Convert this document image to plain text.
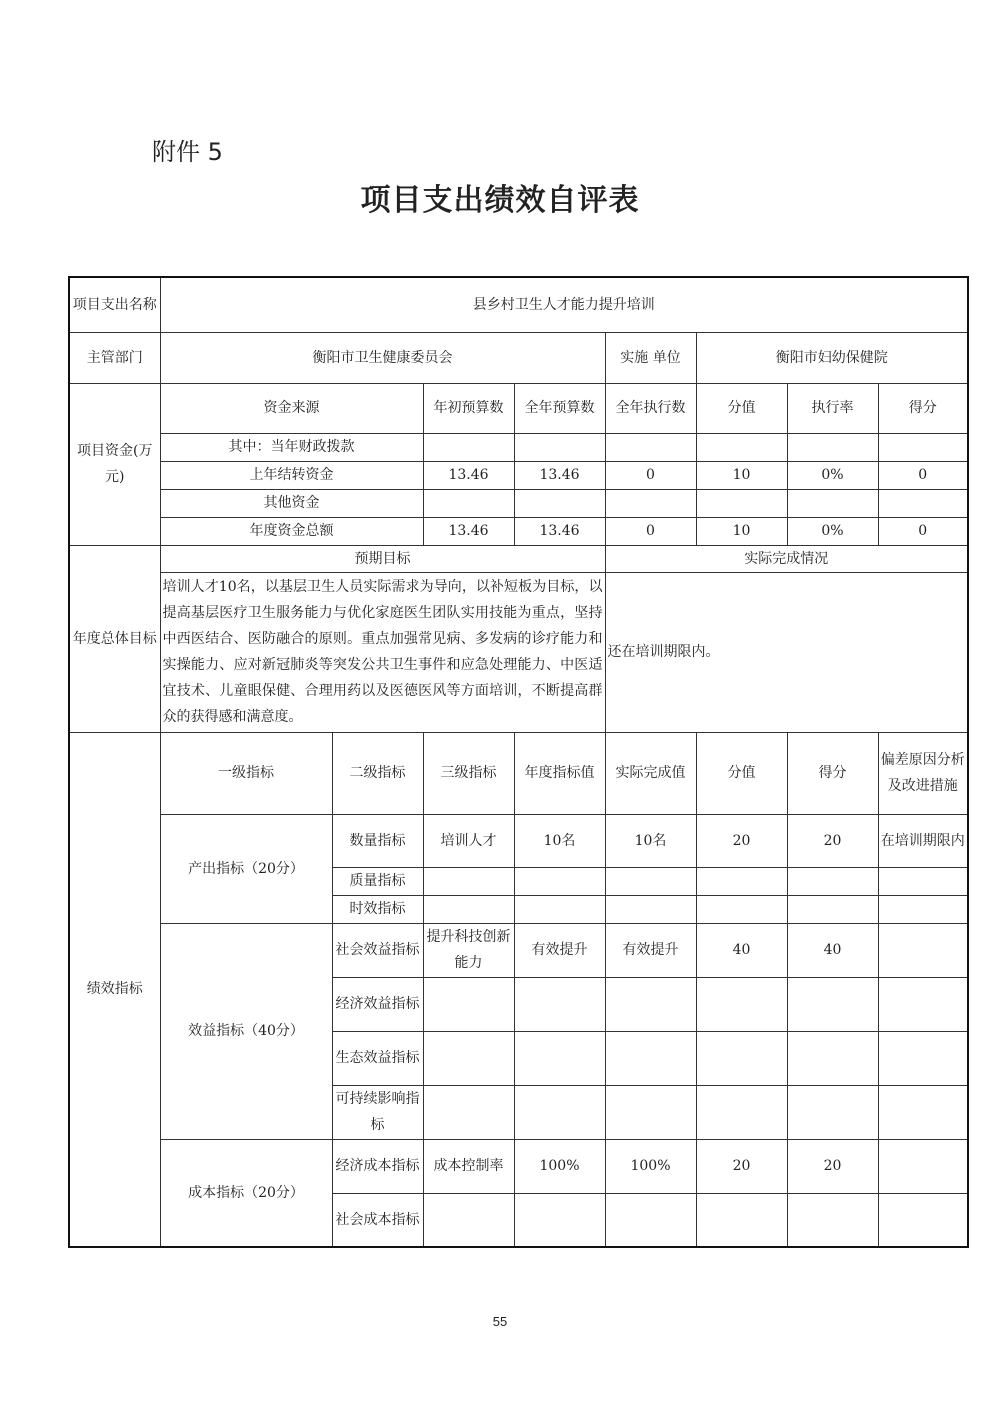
附件 5
项目支出绩效自评表
项目支出名称	县乡村卫生人才能力提升培训							
主管部门	衡阳市卫生健康委员会				实施 单位	衡阳市妇幼保健院		
项目资金(万元)	资金来源		年初预算数	全年预算数	全年执行数	分值	执行率	得分
	其中：当年财政拨款							
	上年结转资金		13.46	13.46	0	10	0%	0
	其他资金							
	年度资金总额		13.46	13.46	0	10	0%	0
年度总体目标	预期目标				实际完成情况			
	培训人才10名，以基层卫生人员实际需求为导向，以补短板为目标，以提高基层医疗卫生服务能力与优化家庭医生团队实用技能为重点，坚持中西医结合、医防融合的原则。重点加强常见病、多发病的诊疗能力和实操能力、应对新冠肺炎等突发公共卫生事件和应急处理能力、中医适宜技术、儿童眼保健、合理用药以及医德医风等方面培训，不断提高群众的获得感和满意度。				还在培训期限内。			
绩效指标	一级指标	二级指标	三级指标	年度指标值	实际完成值	分值	得分	偏差原因分析及改进措施
	产出指标（20分）	数量指标	培训人才	10名	10名	20	20	在培训期限内
		质量指标						
		时效指标						
	效益指标（40分）	社会效益指标	提升科技创新能力	有效提升	有效提升	40	40	
		经济效益指标						
		生态效益指标						
		可持续影响指标						
	成本指标（20分）	经济成本指标	成本控制率	100%	100%	20	20	
		社会成本指标						
55
